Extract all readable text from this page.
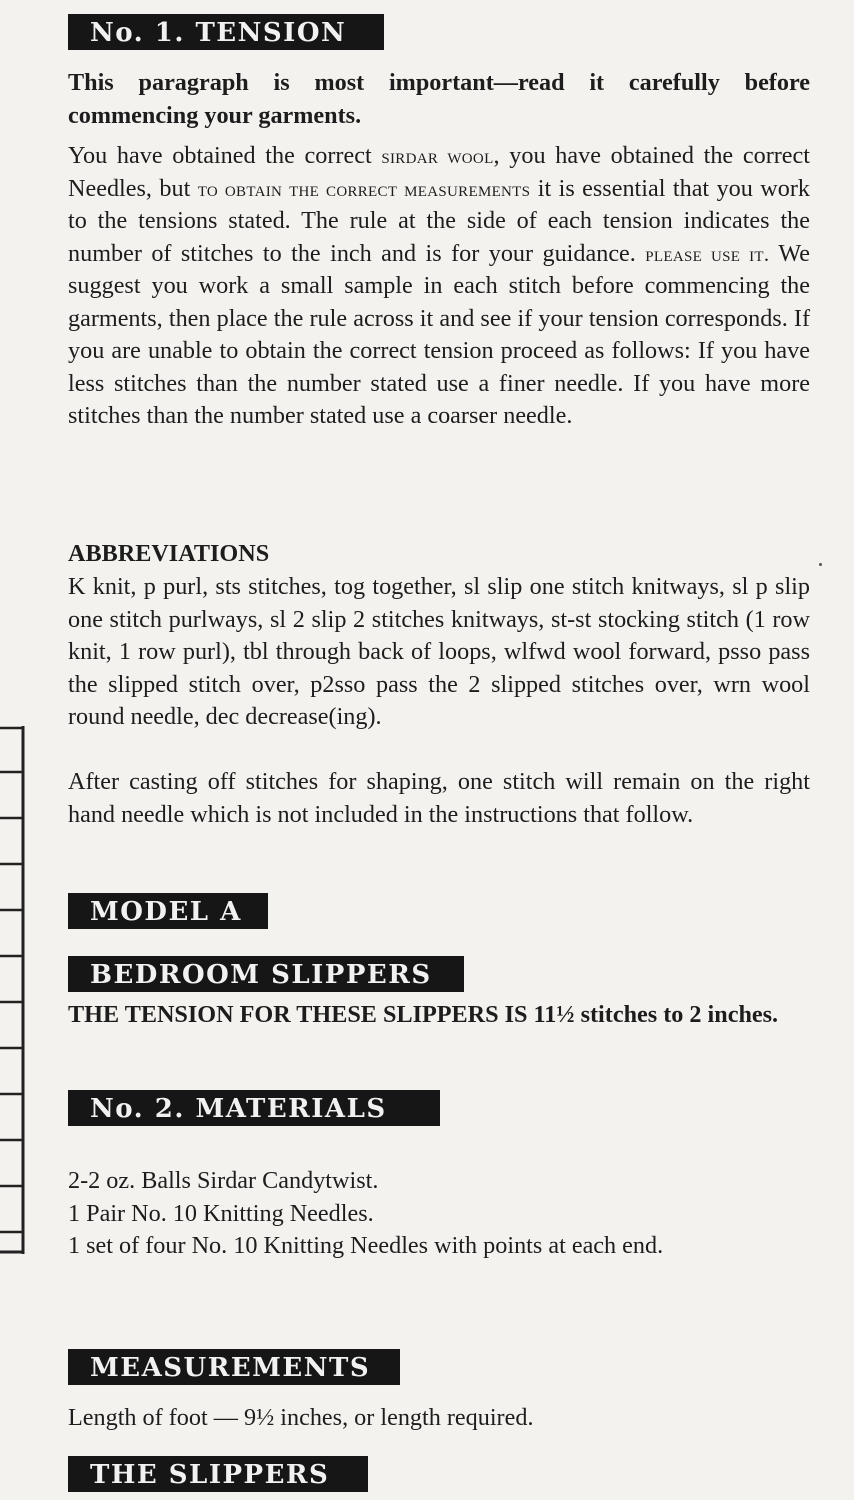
No. 1. TENSION

This paragraph is most important—read it carefully before commencing your garments.

You have obtained the correct sirdar wool, you have obtained the correct Needles, but to obtain the correct measurements it is essential that you work to the tensions stated. The rule at the side of each tension indicates the number of stitches to the inch and is for your guidance. please use it. We suggest you work a small sample in each stitch before commencing the garments, then place the rule across it and see if your tension corresponds. If you are unable to obtain the correct tension proceed as follows: If you have less stitches than the number stated use a finer needle. If you have more stitches than the number stated use a coarser needle.

ABBREVIATIONS

K knit, p purl, sts stitches, tog together, sl slip one stitch knitways, sl p slip one stitch purlways, sl 2 slip 2 stitches knitways, st-st stocking stitch (1 row knit, 1 row purl), tbl through back of loops, wlfwd wool forward, psso pass the slipped stitch over, p2sso pass the 2 slipped stitches over, wrn wool round needle, dec decrease(ing).

After casting off stitches for shaping, one stitch will remain on the right hand needle which is not included in the instructions that follow.

MODEL A
BEDROOM SLIPPERS

THE TENSION FOR THESE SLIPPERS IS 11½ stitches to 2 inches.

No. 2. MATERIALS
2-2 oz. Balls Sirdar Candytwist.
1 Pair No. 10 Knitting Needles.
1 set of four No. 10 Knitting Needles with points at each end.
MEASUREMENTS

Length of foot — 9½ inches, or length required.

THE SLIPPERS
